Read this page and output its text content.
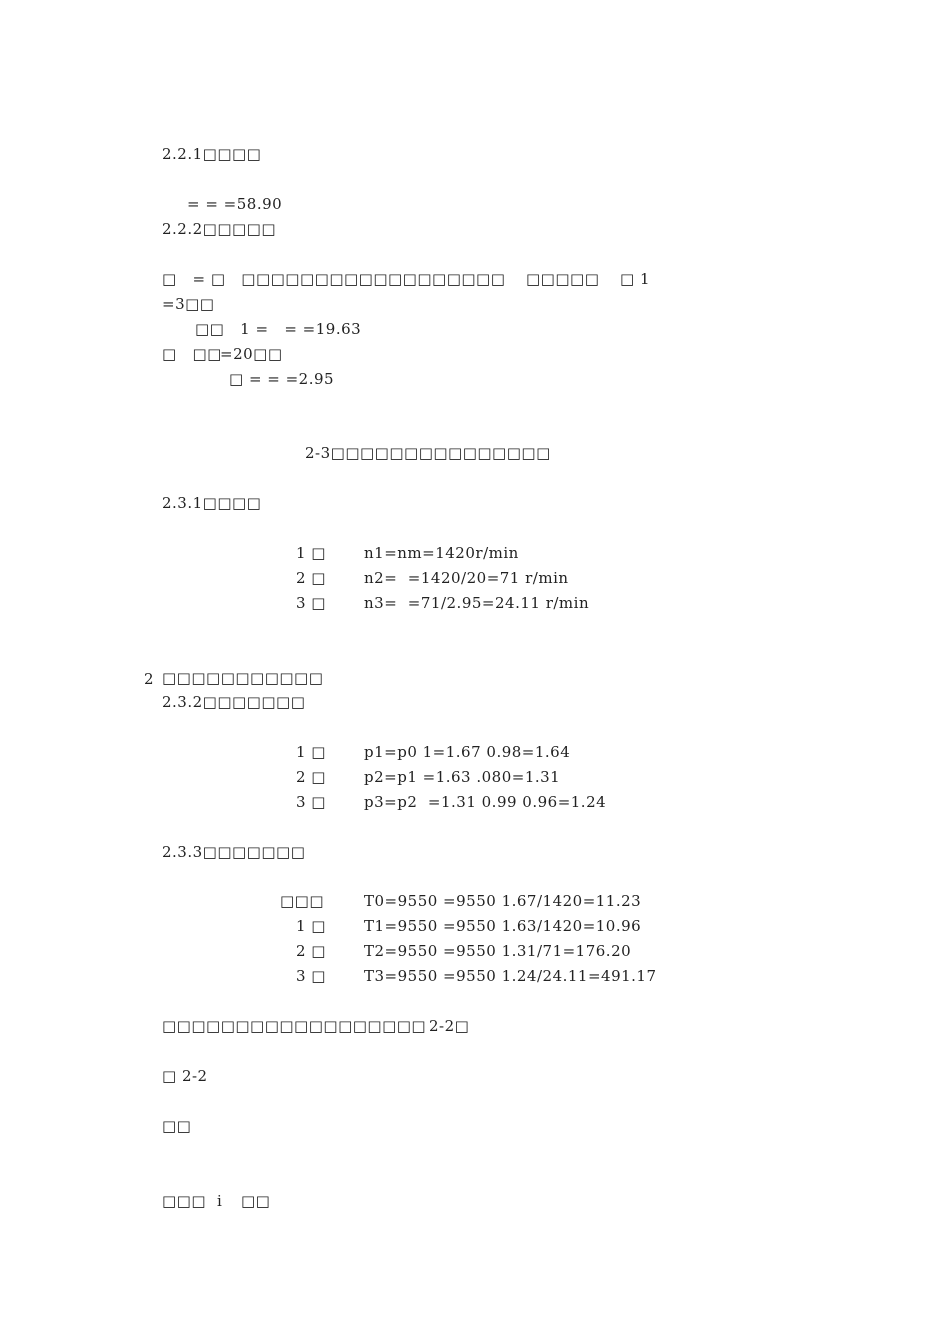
2.2.1□□□□
= = =58.90
2.2.2□□□□□
□   = □   □□□□□□□□□□□□□□□□□□ □□□□□ □ 1
=3□□
□□   1 =   = =19.63
□   □□
=20□□
□ = = =2.95
2-3□□□□□□□□□□□□□□□
2.3.1□□□□
1 □	n1=nm=1420r/min
2 □	n2=  =1420/20=71 r/min
3 □	n3=  =71/2.95=24.11 r/min
2 □□□□□□□□□□□
2.3.2□□□□□□□
1 □	p1=p0 1=1.67 0.98=1.64
2 □	p2=p1 =1.63 .080=1.31
3 □	p3=p2  =1.31 0.99 0.96=1.24
2.3.3□□□□□□□
□□□	T0=9550 =9550 1.67/1420=11.23
1 □	T1=9550 =9550 1.63/1420=10.96
2 □	T2=9550 =9550 1.31/71=176.20
3 □	T3=9550 =9550 1.24/24.11=491.17
□□□□□□□□□□□□□□□□□□ 2-2□
□ 2-2
□□
□□□ i □□
